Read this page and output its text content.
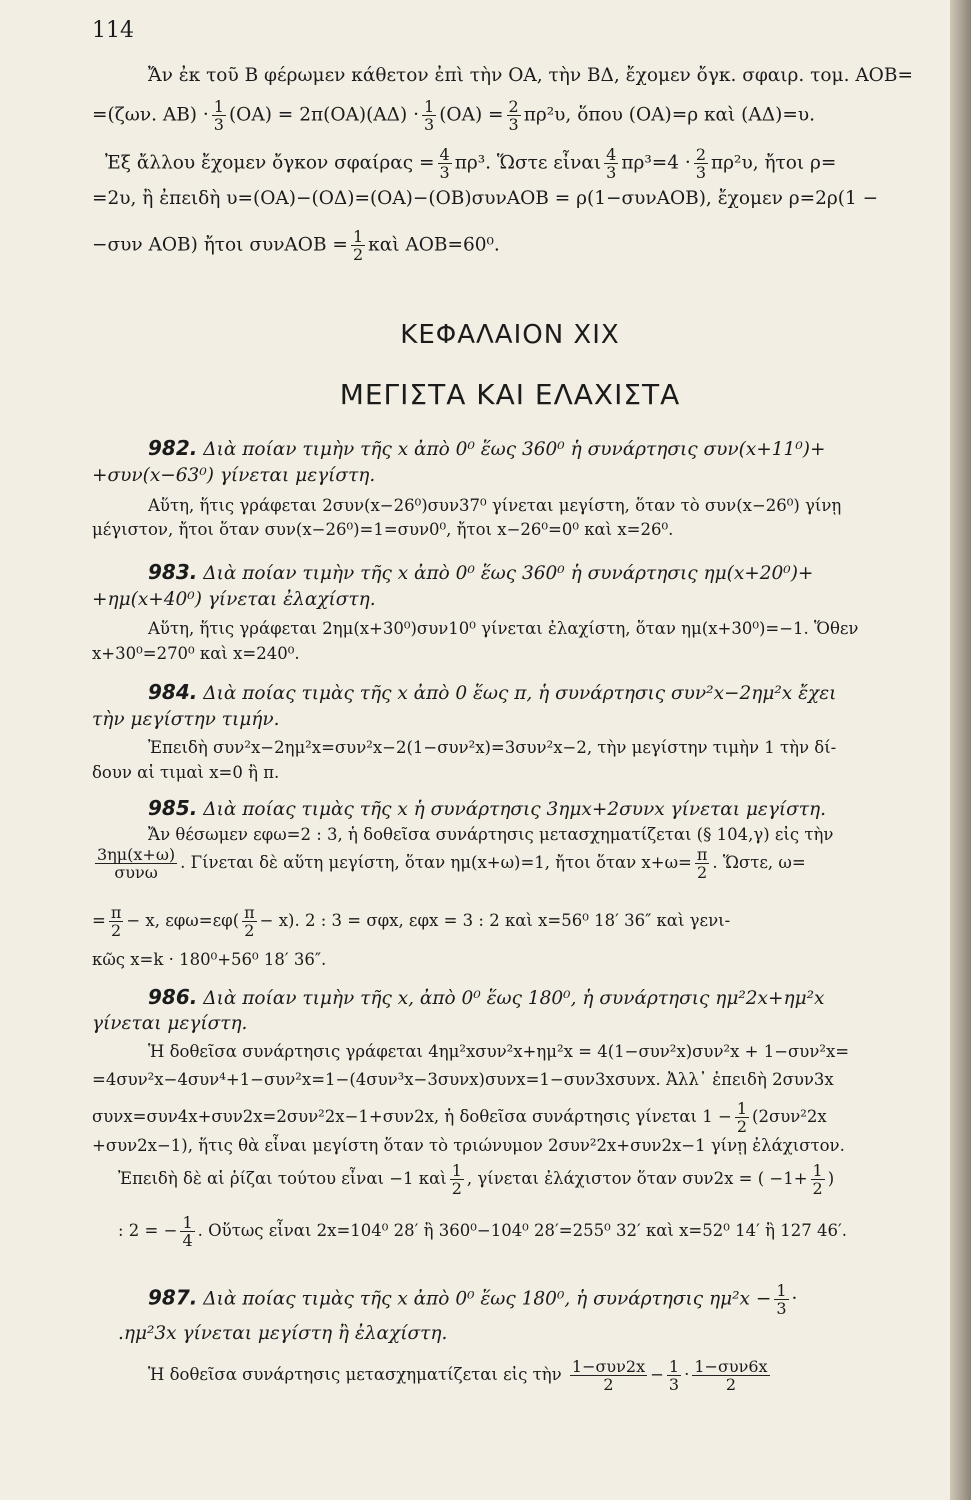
114
Ἄν ἐκ τοῦ Β φέρωμεν κάθετον ἐπὶ τὴν ΟΑ, τὴν ΒΔ, ἔχομεν ὄγκ. σφαιρ. τομ. ΑΟΒ=
=(ζων. $AB) \cdot \frac{1}{3} (OA) = 2\pi(OA)(A\Delta) \cdot \frac{1}{3} (OA) = \frac{2}{3} \pi\rho^2\upsilon$, ὅπου (ΟΑ)=ρ καὶ (ΑΔ)=υ.
Ἐξ ἄλλου ἔχομεν ὄγκον $\sigma\varphi\alpha ί\rho\alpha\varsigma = \frac{4}{3} \pi\rho^3$. Ὥστε εἶναι $\frac{4}{3} \pi\rho^3=4 \cdot \frac{2}{3} \pi\rho^2\upsilon$, ἤτοι ρ=
=2υ, ἢ ἐπειδὴ υ=(ΟΑ)−(ΟΔ)=(ΟΑ)−(ΟΒ)συνΑΟΒ = ρ(1−συνΑΟΒ), ἔχομεν ρ=2ρ(1 −
−συν ΑΟΒ) ἤτοι $\sigma\upsilon\nu AOB = \frac{1}{2}$ καὶ ΑΟΒ=60⁰.
ΚΕΦΑΛΑΙΟΝ XIX
ΜΕΓΙΣΤΑ ΚΑΙ ΕΛΑΧΙΣΤΑ
982. Διὰ ποίαν τιμὴν τῆς x ἀπὸ 0⁰ ἕως 360⁰ ἡ συνάρτησις συν(x+11⁰)+
+συν(x−63⁰) γίνεται μεγίστη.
Αὕτη, ἥτις γράφεται 2συν(x−26⁰)συν37⁰ γίνεται μεγίστη, ὅταν τὸ συν(x−26⁰) γίνῃ
μέγιστον, ἤτοι ὅταν συν(x−26⁰)=1=συν0⁰, ἤτοι x−26⁰=0⁰ καὶ x=26⁰.
983. Διὰ ποίαν τιμὴν τῆς x ἀπὸ 0⁰ ἕως 360⁰ ἡ συνάρτησις ημ(x+20⁰)+
+ημ(x+40⁰) γίνεται ἐλαχίστη.
Αὕτη, ἥτις γράφεται 2ημ(x+30⁰)συν10⁰ γίνεται ἐλαχίστη, ὅταν ημ(x+30⁰)=−1. Ὅθεν
x+30⁰=270⁰ καὶ x=240⁰.
984. Διὰ ποίας τιμὰς τῆς x ἀπὸ 0 ἕως π, ἡ συνάρτησις συν²x−2ημ²x ἔχει
τὴν μεγίστην τιμήν.
Ἐπειδὴ συν²x−2ημ²x=συν²x−2(1−συν²x)=3συν²x−2, τὴν μεγίστην τιμὴν 1 τὴν δί-
δουν αἱ τιμαὶ x=0 ἢ π.
985. Διὰ ποίας τιμὰς τῆς x ἡ συνάρτησις 3ημx+2συνx γίνεται μεγίστη.
Ἄν θέσωμεν εφω=2 : 3, ἡ δοθεῖσα συνάρτησις μετασχηματίζεται (§ 104,γ) εἰς τὴν
$\frac{3\eta\mu(x+\omega)}{\text{συνω}}$ . Γίνεται δὲ αὕτη μεγίστη, ὅταν ημ(x+ω)=1, ἤτοι ὅταν $x+\omega= \frac{\pi}{2}$ . Ὥστε, ω=
= $\frac{\pi}{2} - x$, $\varepsilon\varphi\omega=\varepsilon\varphi( \frac{\pi}{2} - x)$. 2 : 3 = σφx, εφx = 3 : 2 καὶ x=56⁰ 18′ 36″ καὶ γενι-
κῶς x=k · 180⁰+56⁰ 18′ 36″.
986. Διὰ ποίαν τιμὴν τῆς x, ἀπὸ 0⁰ ἕως 180⁰, ἡ συνάρτησις ημ²2x+ημ²x
γίνεται μεγίστη.
Ἡ δοθεῖσα συνάρτησις γράφεται 4ημ²xσυν²x+ημ²x = 4(1−συν²x)συν²x + 1−συν²x=
=4συν²x−4συν⁴+1−συν²x=1−(4συν³x−3συνx)συνx=1−συν3xσυνx. Ἀλλ᾽ ἐπειδὴ 2συν3x
συνx=συν4x+συν2x=2συν²2x−1+συν2x, ἡ δοθεῖσα συνάρτησις γίνεται $1 - \frac{1}{2} (2\sigma\upsilon\nu^22x$
+συν2x−1), ἥτις θὰ εἶναι μεγίστη ὅταν τὸ τριώνυμον 2συν²2x+συν2x−1 γίνῃ ἐλάχιστον.
Ἐπειδὴ δὲ αἱ ῥίζαι τούτου εἶναι −1 καὶ $\frac{1}{2}$ , γίνεται ἐλάχιστον ὅταν συν2x = ( $-1+ \frac{1}{2}$ )
: 2 = − $\frac{1}{4}$ . Οὕτως εἶναι 2x=104⁰ 28′ ἢ 360⁰−104⁰ 28′=255⁰ 32′ καὶ x=52⁰ 14′ ἢ 127 46′.
987. Διὰ ποίας τιμὰς τῆς x ἀπὸ 0⁰ ἕως 180⁰, ἡ συνάρτησις $\eta\mu^2x - \frac{1}{3}$ ·
.ημ²3x γίνεται μεγίστη ἢ ἐλαχίστη.
Ἡ δοθεῖσα συνάρτησις μετασχηματίζεται εἰς τὴν $\frac{\text{1−συν2x}}{2} - \frac{1}{3} \cdot \frac{\text{1−συν6x}}{2}$
